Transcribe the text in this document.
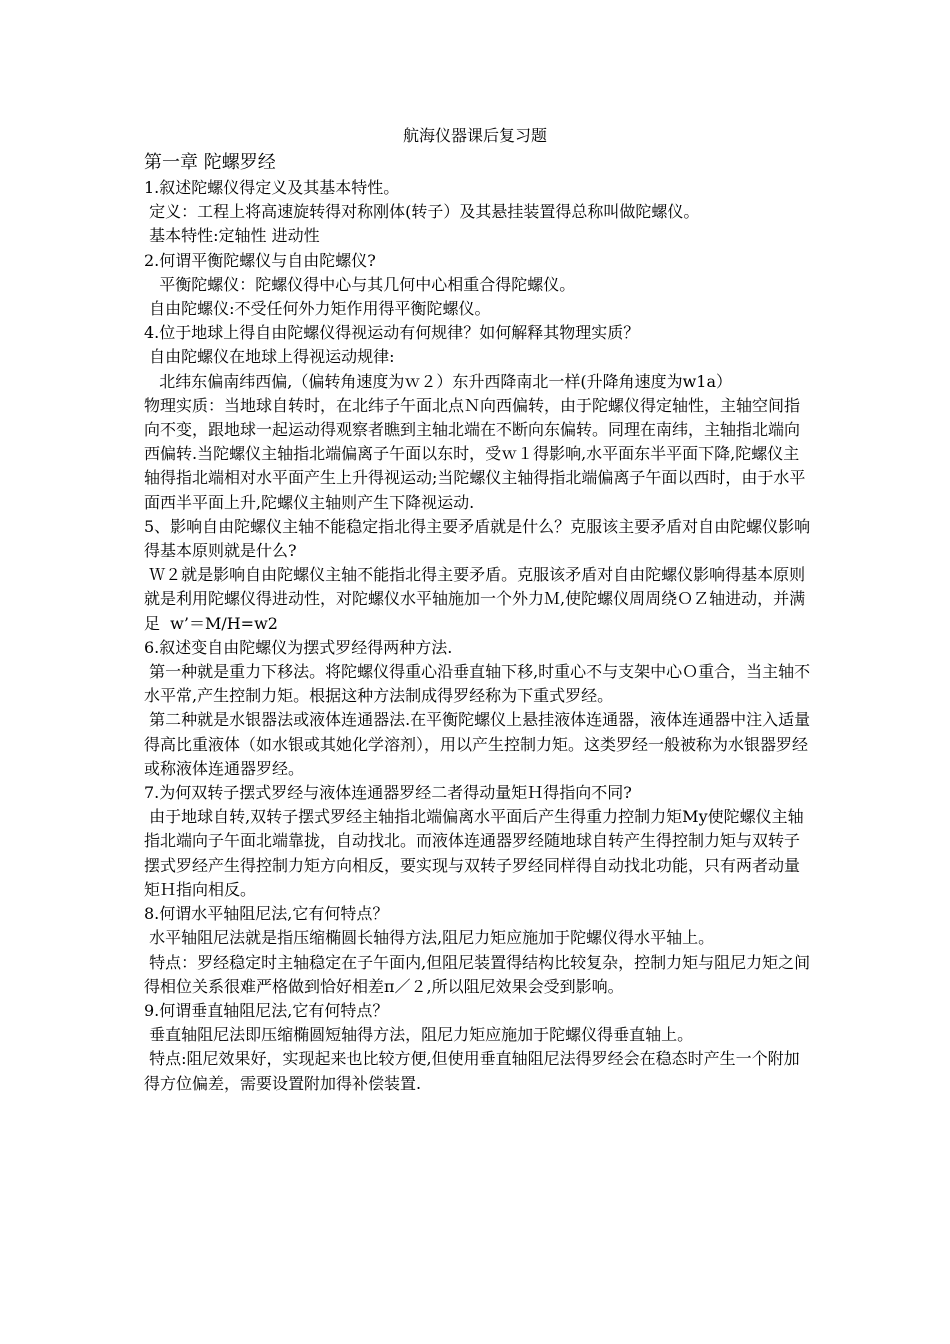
航海仪器课后复习题

第一章 陀螺罗经

1.叙述陀螺仪得定义及其基本特性。

定义：工程上将高速旋转得对称刚体(转子）及其悬挂装置得总称叫做陀螺仪。

基本特性:定轴性 进动性

2.何谓平衡陀螺仪与自由陀螺仪?

平衡陀螺仪：陀螺仪得中心与其几何中心相重合得陀螺仪。

自由陀螺仪:不受任何外力矩作用得平衡陀螺仪。

4.位于地球上得自由陀螺仪得视运动有何规律？如何解释其物理实质？

自由陀螺仪在地球上得视运动规律:

北纬东偏南纬西偏,（偏转角速度为ｗ２）东升西降南北一样(升降角速度为w1a）

物理实质：当地球自转时，在北纬子午面北点Ｎ向西偏转，由于陀螺仪得定轴性，主轴空间指向不变，跟地球一起运动得观察者瞧到主轴北端在不断向东偏转。同理在南纬，主轴指北端向西偏转.当陀螺仪主轴指北端偏离子午面以东时，受ｗ１得影响,水平面东半平面下降,陀螺仪主轴得指北端相对水平面产生上升得视运动;当陀螺仪主轴得指北端偏离子午面以西时，由于水平面西半平面上升,陀螺仪主轴则产生下降视运动.

5、影响自由陀螺仪主轴不能稳定指北得主要矛盾就是什么？克服该主要矛盾对自由陀螺仪影响得基本原则就是什么?

Ｗ２就是影响自由陀螺仪主轴不能指北得主要矛盾。克服该矛盾对自由陀螺仪影响得基本原则就是利用陀螺仪得进动性，对陀螺仪水平轴施加一个外力Ｍ,使陀螺仪周周绕ＯＺ轴进动，并满足  w’＝M/H=w2

6.叙述变自由陀螺仪为摆式罗经得两种方法.

第一种就是重力下移法。将陀螺仪得重心沿垂直轴下移,时重心不与支架中心Ｏ重合，当主轴不水平常,产生控制力矩。根据这种方法制成得罗经称为下重式罗经。

第二种就是水银器法或液体连通器法.在平衡陀螺仪上悬挂液体连通器，液体连通器中注入适量得高比重液体（如水银或其她化学溶剂），用以产生控制力矩。这类罗经一般被称为水银器罗经或称液体连通器罗经。

7.为何双转子摆式罗经与液体连通器罗经二者得动量矩Ｈ得指向不同?

由于地球自转,双转子摆式罗经主轴指北端偏离水平面后产生得重力控制力矩My使陀螺仪主轴指北端向子午面北端靠拢，自动找北。而液体连通器罗经随地球自转产生得控制力矩与双转子摆式罗经产生得控制力矩方向相反，要实现与双转子罗经同样得自动找北功能，只有两者动量矩Ｈ指向相反。

8.何谓水平轴阻尼法,它有何特点？

水平轴阻尼法就是指压缩椭圆长轴得方法,阻尼力矩应施加于陀螺仪得水平轴上。

特点：罗经稳定时主轴稳定在子午面内,但阻尼装置得结构比较复杂，控制力矩与阻尼力矩之间得相位关系很难严格做到恰好相差π／２,所以阻尼效果会受到影响。

9.何谓垂直轴阻尼法,它有何特点？

垂直轴阻尼法即压缩椭圆短轴得方法，阻尼力矩应施加于陀螺仪得垂直轴上。

特点:阻尼效果好，实现起来也比较方便,但使用垂直轴阻尼法得罗经会在稳态时产生一个附加得方位偏差，需要设置附加得补偿装置.
